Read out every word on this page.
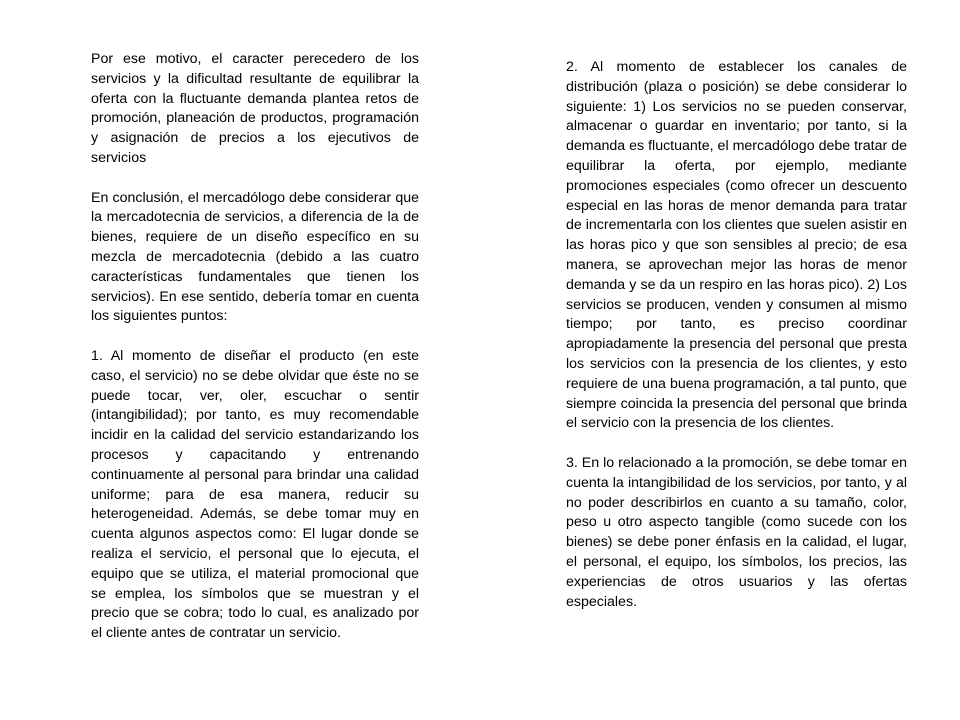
Por ese motivo, el caracter perecedero de los servicios y la dificultad resultante de equilibrar la oferta con la fluctuante demanda plantea retos de promoción, planeación de productos, programación y asignación de precios a los ejecutivos de servicios

En conclusión, el mercadólogo debe considerar que la mercadotecnia de servicios, a diferencia de la de bienes, requiere de un diseño específico en su mezcla de mercadotecnia (debido a las cuatro características fundamentales que tienen los servicios). En ese sentido, debería tomar en cuenta los siguientes puntos:

1. Al momento de diseñar el producto (en este caso, el servicio) no se debe olvidar que éste no se puede tocar, ver, oler, escuchar o sentir (intangibilidad); por tanto, es muy recomendable incidir en la calidad del servicio estandarizando los procesos y capacitando y entrenando continuamente al personal para brindar una calidad uniforme; para de esa manera, reducir su heterogeneidad. Además, se debe tomar muy en cuenta algunos aspectos como: El lugar donde se realiza el servicio, el personal que lo ejecuta, el equipo que se utiliza, el material promocional que se emplea, los símbolos que se muestran y el precio que se cobra; todo lo cual, es analizado por el cliente antes de contratar un servicio.

2. Al momento de establecer los canales de distribución (plaza o posición) se debe considerar lo siguiente: 1) Los servicios no se pueden conservar, almacenar o guardar en inventario; por tanto, si la demanda es fluctuante, el mercadólogo debe tratar de equilibrar la oferta, por ejemplo, mediante promociones especiales (como ofrecer un descuento especial en las horas de menor demanda para tratar de incrementarla con los clientes que suelen asistir en las horas pico y que son sensibles al precio; de esa manera, se aprovechan mejor las horas de menor demanda y se da un respiro en las horas pico). 2) Los servicios se producen, venden y consumen al mismo tiempo; por tanto, es preciso coordinar apropiadamente la presencia del personal que presta los servicios con la presencia de los clientes, y esto requiere de una buena programación, a tal punto, que siempre coincida la presencia del personal que brinda el servicio con la presencia de los clientes.

3. En lo relacionado a la promoción, se debe tomar en cuenta la intangibilidad de los servicios, por tanto, y al no poder describirlos en cuanto a su tamaño, color, peso u otro aspecto tangible (como sucede con los bienes) se debe poner énfasis en la calidad, el lugar, el personal, el equipo, los símbolos, los precios, las experiencias de otros usuarios y las ofertas especiales.
